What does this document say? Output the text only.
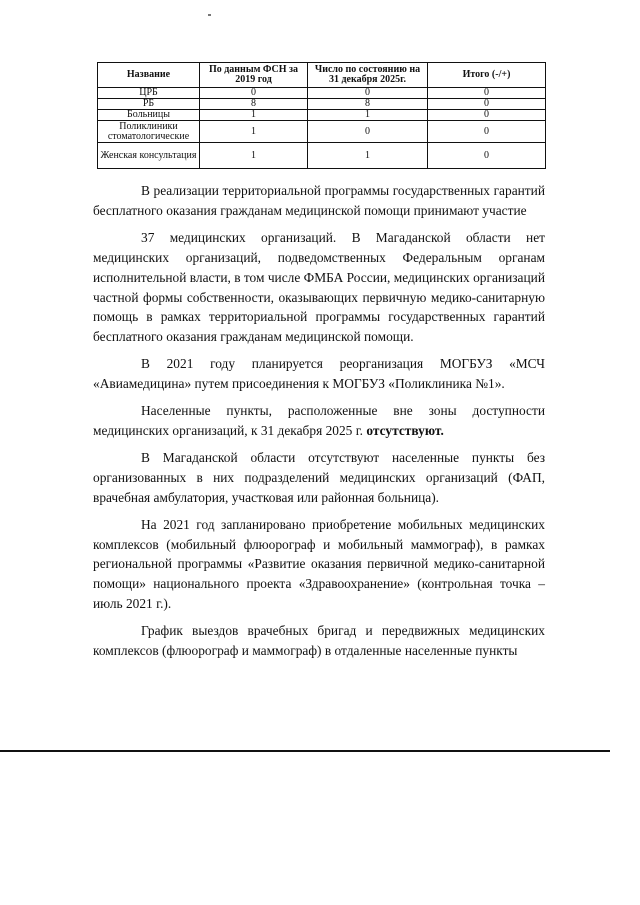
Название	По данным ФСН за 2019 год	Число по состоянию на 31 декабря 2025г.	Итого (-/+)
ЦРБ	0	0	0
РБ	8	8	0
Больницы	1	1	0
Поликлиники стоматологические	1	0	0
Женская консультация	1	1	0

В реализации территориальной программы государственных гарантий бесплатного оказания гражданам медицинской помощи принимают участие

37 медицинских организаций. В Магаданской области нет медицинских организаций, подведомственных Федеральным органам исполнительной власти, в том числе ФМБА России, медицинских организаций частной формы собственности, оказывающих первичную медико-санитарную помощь в рамках территориальной программы государственных гарантий бесплатного оказания гражданам медицинской помощи.

В 2021 году планируется реорганизация МОГБУЗ «МСЧ «Авиамедицина» путем присоединения к МОГБУЗ «Поликлиника №1».

Населенные пункты, расположенные вне зоны доступности медицинских организаций, к 31 декабря 2025 г. отсутствуют.

В Магаданской области отсутствуют населенные пункты без организованных в них подразделений медицинских организаций (ФАП, врачебная амбулатория, участковая или районная больница).

На 2021 год запланировано приобретение мобильных медицинских комплексов (мобильный флюорограф и мобильный маммограф), в рамках региональной программы «Развитие оказания первичной медико-санитарной помощи» национального проекта «Здравоохранение» (контрольная точка – июль 2021 г.).

График выездов врачебных бригад и передвижных медицинских комплексов (флюорограф и маммограф) в отдаленные населенные пункты
